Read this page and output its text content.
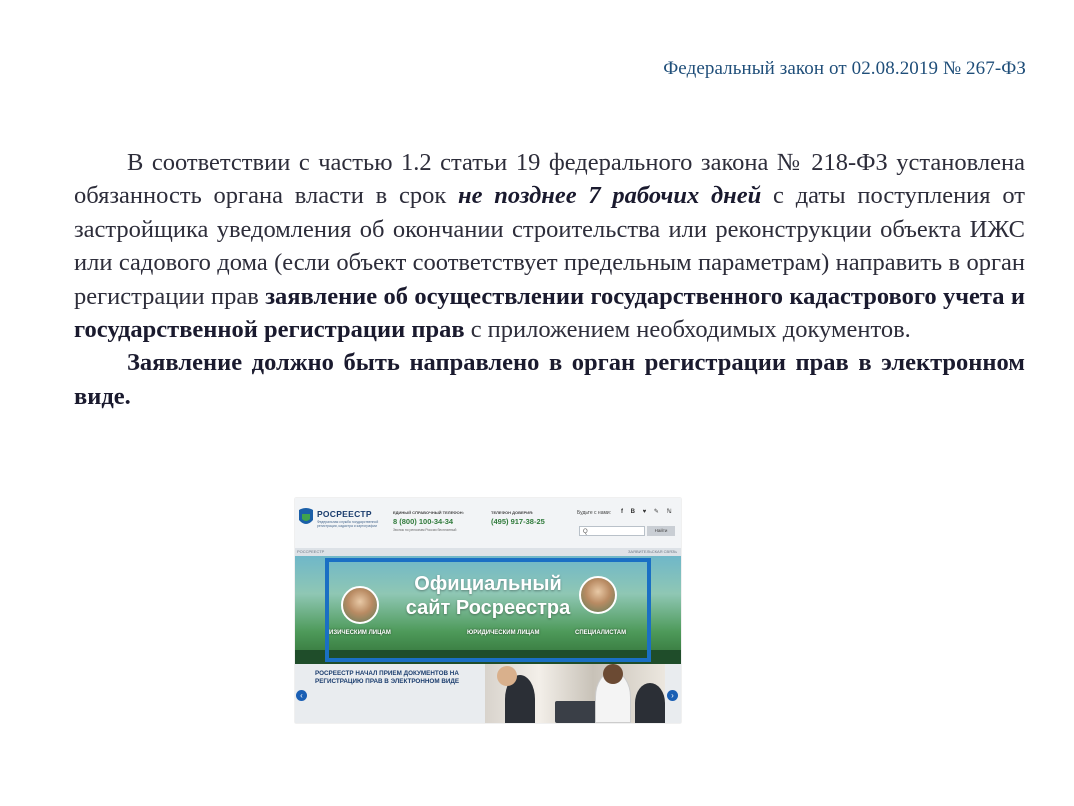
Федеральный закон от 02.08.2019 № 267-ФЗ

В соответствии с частью 1.2 статьи 19 федерального закона № 218-ФЗ установлена обязанность органа власти в срок не позднее 7 рабочих дней с даты поступления от застройщика уведомления об окончании строительства или реконструкции объекта ИЖС или садового дома (если объект соответствует предельным параметрам) направить в орган регистрации прав заявление об осуществлении государственного кадастрового учета и государственной регистрации прав с приложением необходимых документов.

Заявление должно быть направлено в орган регистрации прав в электронном виде.

РОСРЕЕСТР
Федеральная служба государственной регистрации, кадастра и картографии
ЕДИНЫЙ СПРАВОЧНЫЙ ТЕЛЕФОН:
8 (800) 100-34-34
Звонок по регионам России бесплатный
ТЕЛЕФОН ДОВЕРИЯ:
(495) 917-38-25
Будьте с нами: f В ♥ ✎ ℕ
Q	Найти
РОССРЕЕСТР	ЗАЯВИТЕЛЬСКАЯ СВЯЗЬ
Официальный
сайт Росреестра
ИЗИЧЕСКИМ ЛИЦАМ	ЮРИДИЧЕСКИМ ЛИЦАМ	СПЕЦИАЛИСТАМ
РОСРЕЕСТР НАЧАЛ ПРИЕМ ДОКУМЕНТОВ НА РЕГИСТРАЦИЮ ПРАВ В ЭЛЕКТРОННОМ ВИДЕ
‹	›
